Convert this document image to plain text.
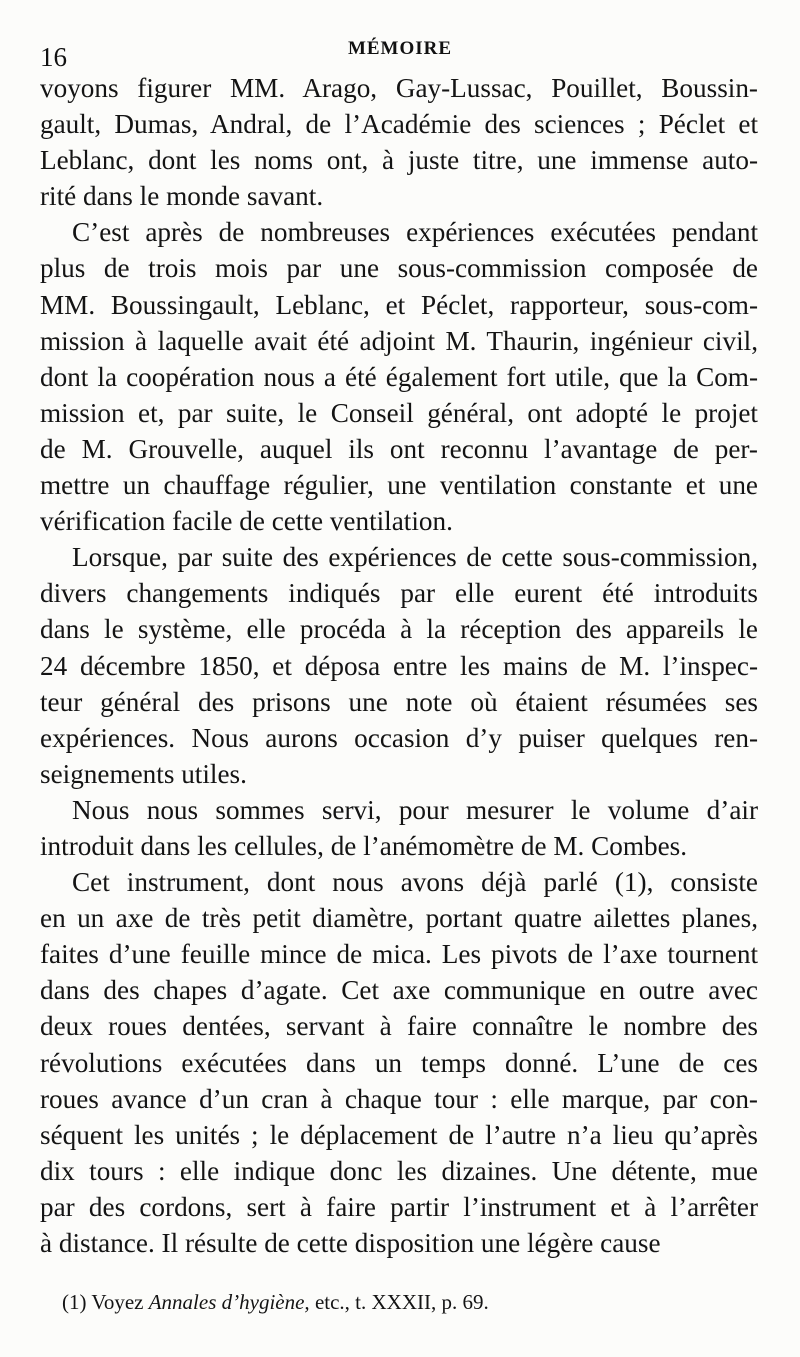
16	MÉMOIRE

voyons figurer MM. Arago, Gay-Lussac, Pouillet, Boussin-
gault, Dumas, Andral, de l’Académie des sciences ; Péclet et
Leblanc, dont les noms ont, à juste titre, une immense auto-
rité dans le monde savant.

C’est après de nombreuses expériences exécutées pendant
plus de trois mois par une sous-commission composée de
MM. Boussingault, Leblanc, et Péclet, rapporteur, sous-com-
mission à laquelle avait été adjoint M. Thaurin, ingénieur civil,
dont la coopération nous a été également fort utile, que la Com-
mission et, par suite, le Conseil général, ont adopté le projet
de M. Grouvelle, auquel ils ont reconnu l’avantage de per-
mettre un chauffage régulier, une ventilation constante et une
vérification facile de cette ventilation.

Lorsque, par suite des expériences de cette sous-commission,
divers changements indiqués par elle eurent été introduits
dans le système, elle procéda à la réception des appareils le
24 décembre 1850, et déposa entre les mains de M. l’inspec-
teur général des prisons une note où étaient résumées ses
expériences. Nous aurons occasion d’y puiser quelques ren-
seignements utiles.

Nous nous sommes servi, pour mesurer le volume d’air
introduit dans les cellules, de l’anémomètre de M. Combes.

Cet instrument, dont nous avons déjà parlé (1), consiste
en un axe de très petit diamètre, portant quatre ailettes planes,
faites d’une feuille mince de mica. Les pivots de l’axe tournent
dans des chapes d’agate. Cet axe communique en outre avec
deux roues dentées, servant à faire connaître le nombre des
révolutions exécutées dans un temps donné. L’une de ces
roues avance d’un cran à chaque tour : elle marque, par con-
séquent les unités ; le déplacement de l’autre n’a lieu qu’après
dix tours : elle indique donc les dizaines. Une détente, mue
par des cordons, sert à faire partir l’instrument et à l’arrêter
à distance. Il résulte de cette disposition une légère cause

(1) Voyez Annales d’hygiène, etc., t. XXXII, p. 69.
